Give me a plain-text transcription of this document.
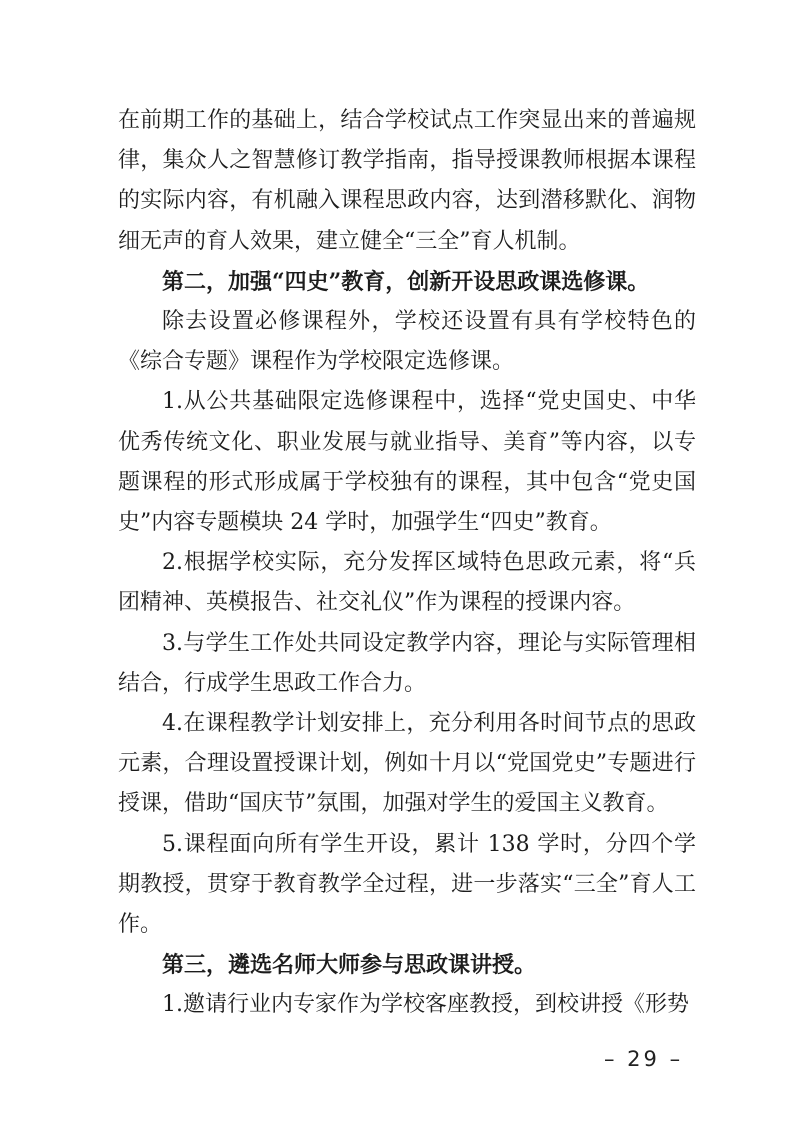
在前期工作的基础上，结合学校试点工作突显出来的普遍规律，集众人之智慧修订教学指南，指导授课教师根据本课程的实际内容，有机融入课程思政内容，达到潜移默化、润物细无声的育人效果，建立健全“三全”育人机制。

第二，加强“四史”教育，创新开设思政课选修课。

除去设置必修课程外，学校还设置有具有学校特色的《综合专题》课程作为学校限定选修课。

1.从公共基础限定选修课程中，选择“党史国史、中华优秀传统文化、职业发展与就业指导、美育”等内容，以专题课程的形式形成属于学校独有的课程，其中包含“党史国史”内容专题模块 24 学时，加强学生“四史”教育。

2.根据学校实际，充分发挥区域特色思政元素，将“兵团精神、英模报告、社交礼仪”作为课程的授课内容。

3.与学生工作处共同设定教学内容，理论与实际管理相结合，行成学生思政工作合力。

4.在课程教学计划安排上，充分利用各时间节点的思政元素，合理设置授课计划，例如十月以“党国党史”专题进行授课，借助“国庆节”氛围，加强对学生的爱国主义教育。

5.课程面向所有学生开设，累计 138 学时，分四个学期教授，贯穿于教育教学全过程，进一步落实“三全”育人工作。

第三，遴选名师大师参与思政课讲授。

1.邀请行业内专家作为学校客座教授，到校讲授《形势

– 29 –
